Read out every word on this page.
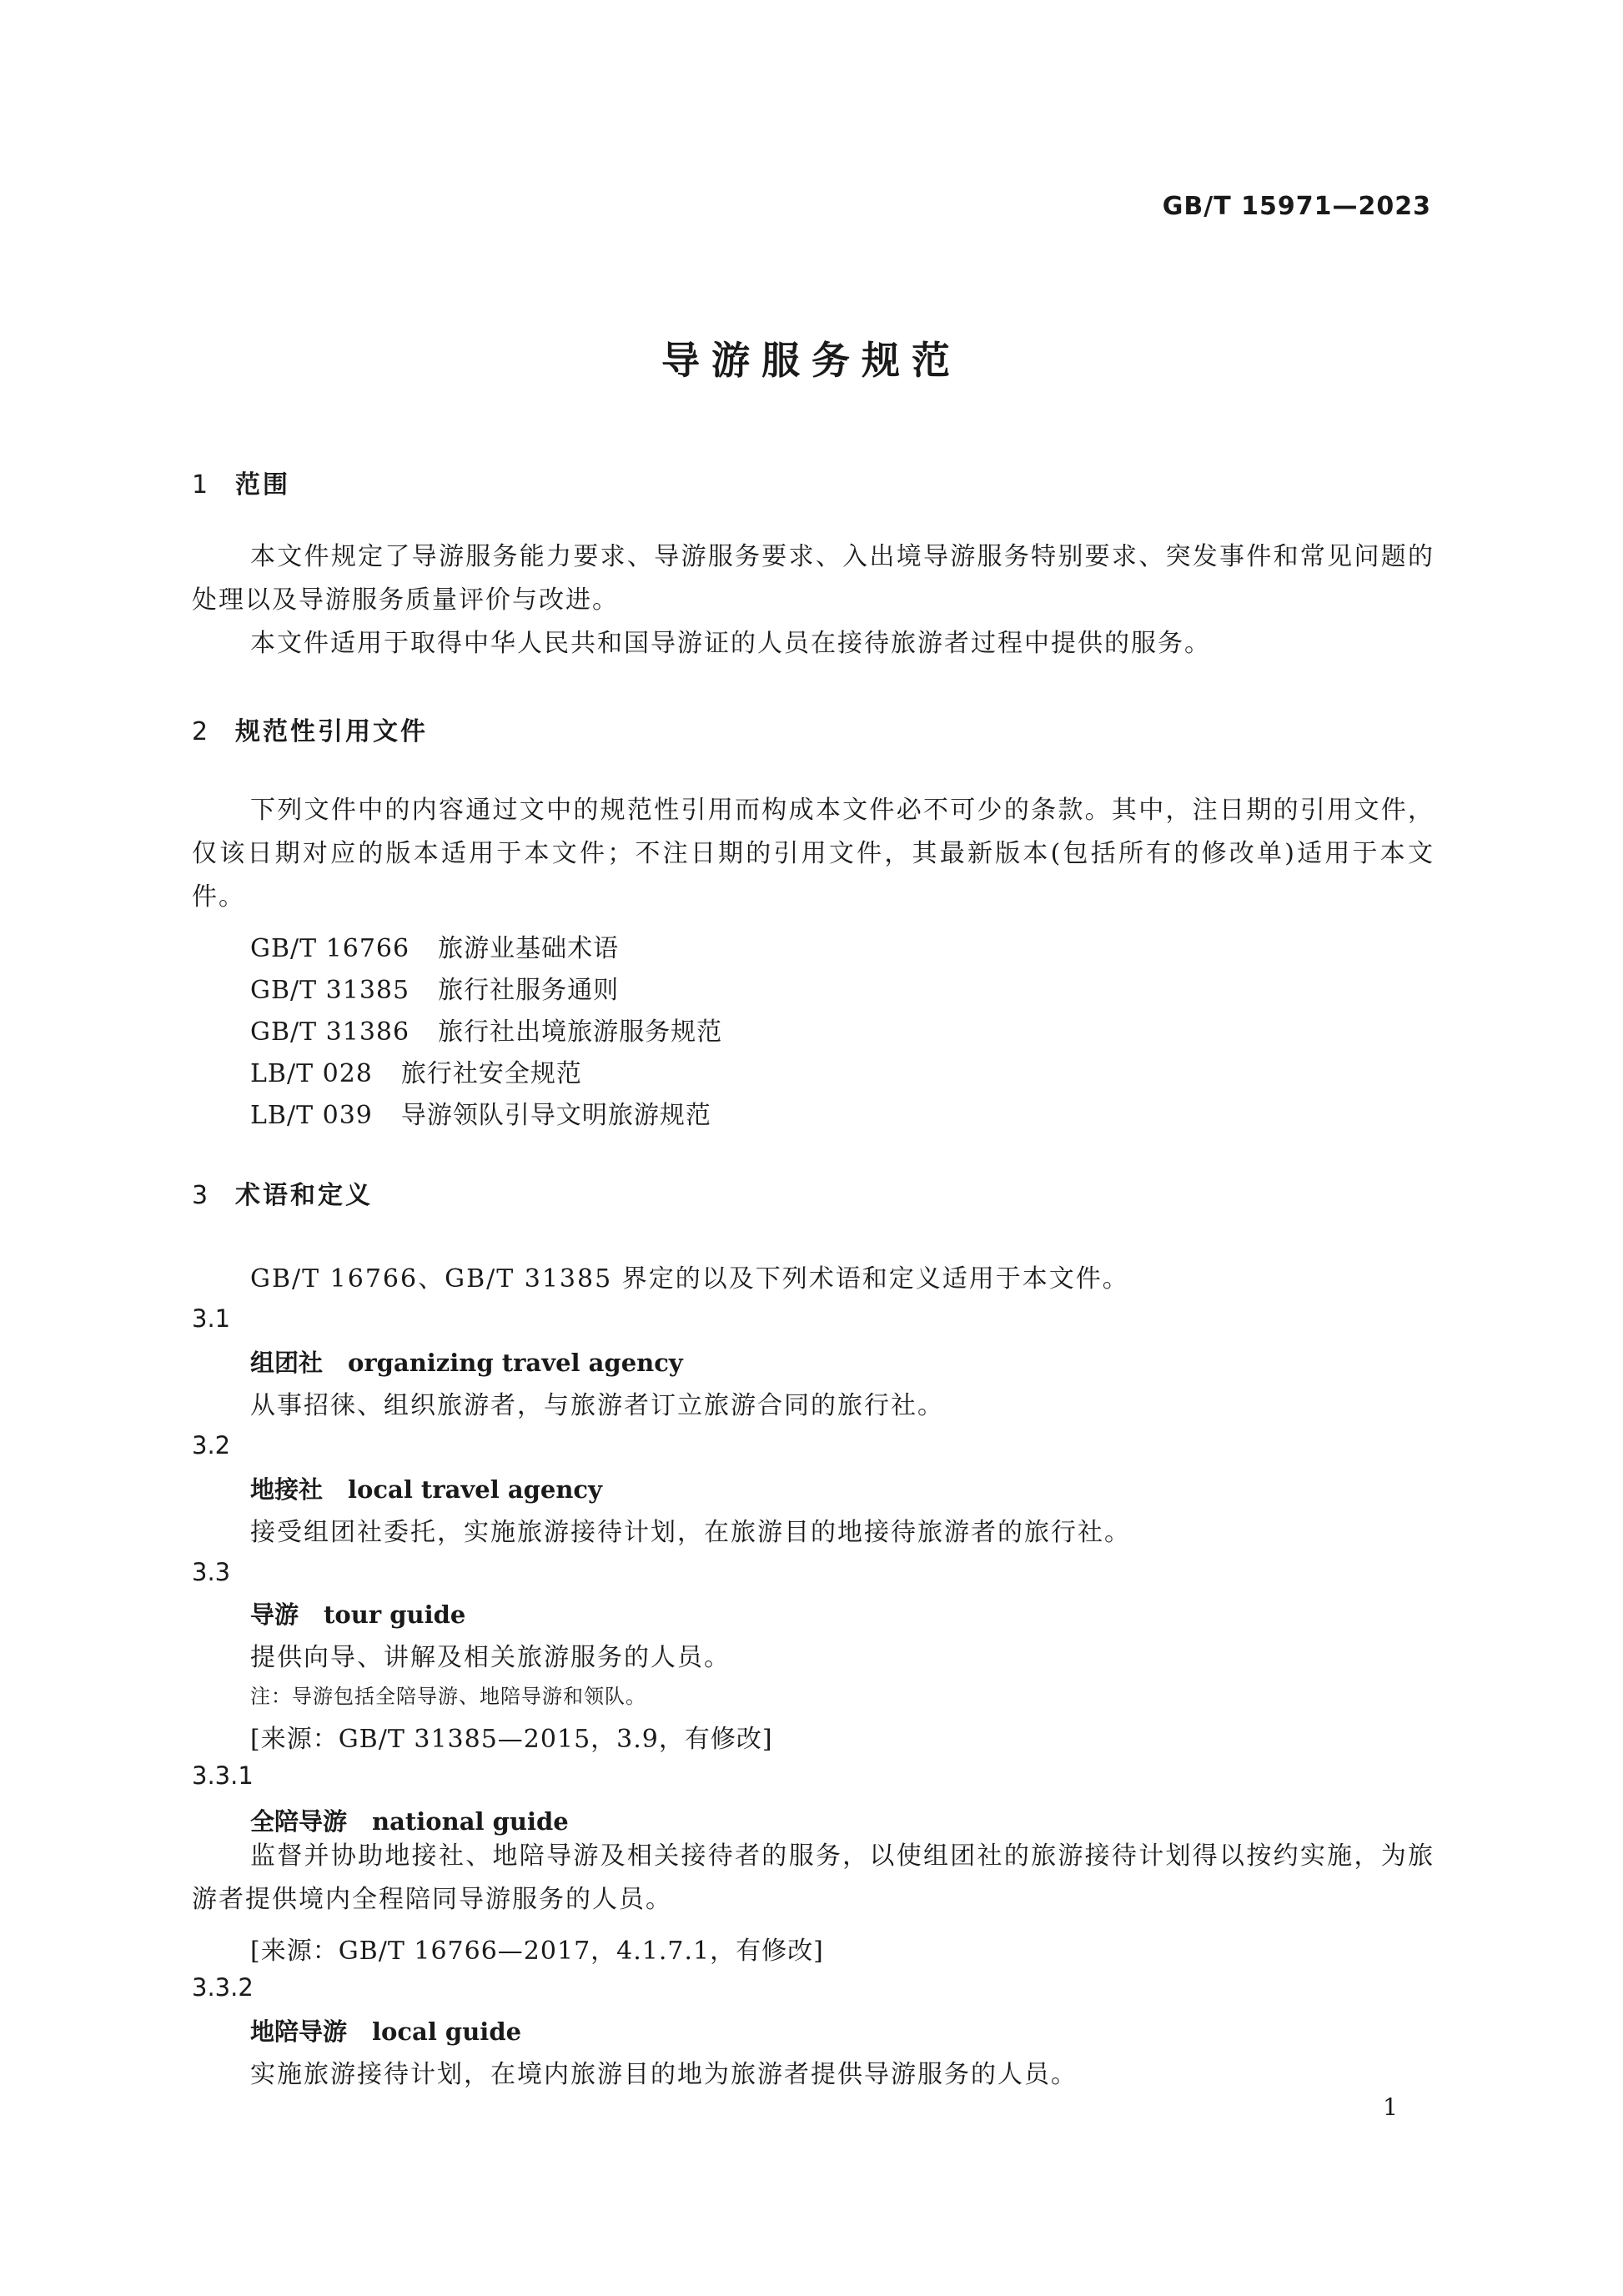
GB/T 15971—2023
导游服务规范
1 范围
本文件规定了导游服务能力要求、导游服务要求、入出境导游服务特别要求、突发事件和常见问题的处理以及导游服务质量评价与改进。
本文件适用于取得中华人民共和国导游证的人员在接待旅游者过程中提供的服务。
2 规范性引用文件
下列文件中的内容通过文中的规范性引用而构成本文件必不可少的条款。其中，注日期的引用文件，仅该日期对应的版本适用于本文件；不注日期的引用文件，其最新版本(包括所有的修改单)适用于本文件。
GB/T 16766 旅游业基础术语
GB/T 31385 旅行社服务通则
GB/T 31386 旅行社出境旅游服务规范
LB/T 028 旅行社安全规范
LB/T 039 导游领队引导文明旅游规范
3 术语和定义
GB/T 16766、GB/T 31385 界定的以及下列术语和定义适用于本文件。
3.1
组团社 organizing travel agency
从事招徕、组织旅游者，与旅游者订立旅游合同的旅行社。
3.2
地接社 local travel agency
接受组团社委托，实施旅游接待计划，在旅游目的地接待旅游者的旅行社。
3.3
导游 tour guide
提供向导、讲解及相关旅游服务的人员。
注：导游包括全陪导游、地陪导游和领队。
[来源：GB/T 31385—2015，3.9，有修改]
3.3.1
全陪导游 national guide
监督并协助地接社、地陪导游及相关接待者的服务，以使组团社的旅游接待计划得以按约实施，为旅游者提供境内全程陪同导游服务的人员。
[来源：GB/T 16766—2017，4.1.7.1，有修改]
3.3.2
地陪导游 local guide
实施旅游接待计划，在境内旅游目的地为旅游者提供导游服务的人员。
1
